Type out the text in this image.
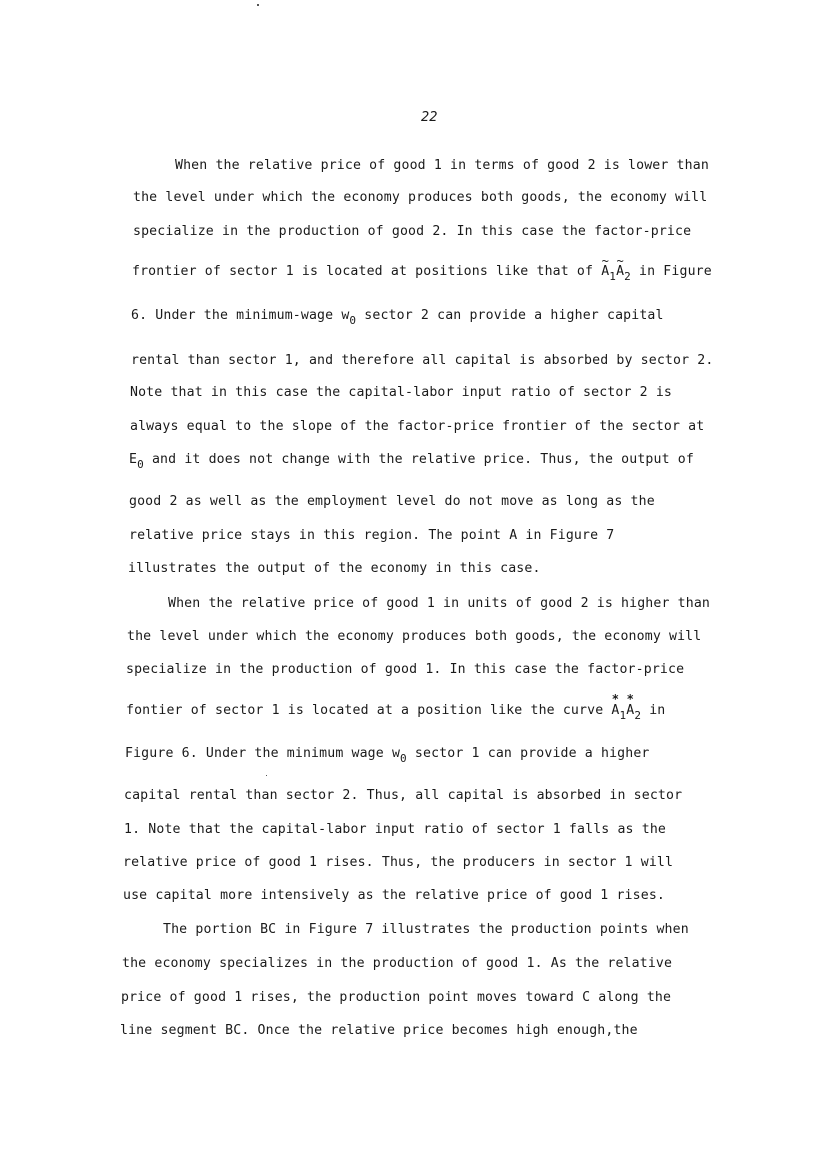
22
When the relative price of good 1 in terms of good 2 is lower than
the level under which the economy produces both goods, the economy will
specialize in the production of good 2. In this case the factor-price
frontier of sector 1 is located at positions like that of
~
$A_1$
~
$A_2$ in Figure
6. Under the minimum-wage $w_0$ sector 2 can provide a higher capital
rental than sector 1, and therefore all capital is absorbed by sector 2.
Note that in this case the capital-labor input ratio of sector 2 is
always equal to the slope of the factor-price frontier of the sector at
$E_0$ and it does not change with the relative price. Thus, the output of
good 2 as well as the employment level do not move as long as the
relative price stays in this region. The point A in Figure 7
illustrates the output of the economy in this case.
When the relative price of good 1 in units of good 2 is higher than
the level under which the economy produces both goods, the economy will
specialize in the production of good 1. In this case the factor-price
fontier of sector 1 is located at a position like the curve
*
$A_1$
*
$A_2$ in
Figure 6. Under the minimum wage $w_0$ sector 1 can provide a higher
capital rental than sector 2. Thus, all capital is absorbed in sector
1. Note that the capital-labor input ratio of sector 1 falls as the
relative price of good 1 rises. Thus, the producers in sector 1 will
use capital more intensively as the relative price of good 1 rises.
The portion BC in Figure 7 illustrates the production points when
the economy specializes in the production of good 1. As the relative
price of good 1 rises, the production point moves toward C along the
line segment BC. Once the relative price becomes high enough,the
